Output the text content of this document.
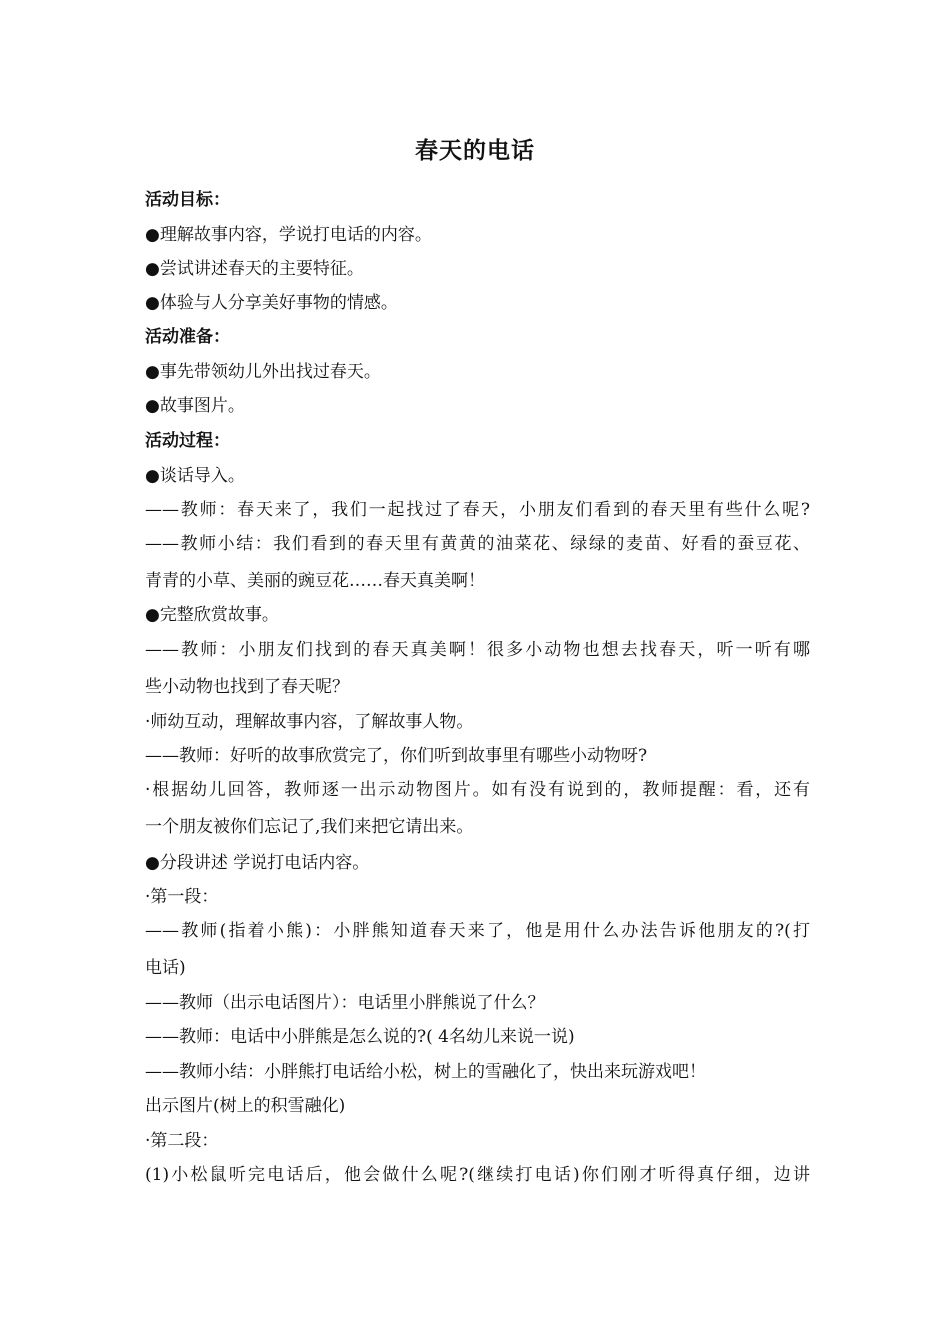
春天的电话
活动目标：
●理解故事内容，学说打电话的内容。
●尝试讲述春天的主要特征。
●体验与人分享美好事物的情感。
活动准备：
●事先带领幼儿外出找过春天。
●故事图片。
活动过程：
●谈话导入。
——教师：春天来了，我们一起找过了春天，小朋友们看到的春天里有些什么呢?
——教师小结：我们看到的春天里有黄黄的油菜花、绿绿的麦苗、好看的蚕豆花、
青青的小草、美丽的豌豆花……春天真美啊！
●完整欣赏故事。
——教师：小朋友们找到的春天真美啊！很多小动物也想去找春天，听一听有哪
些小动物也找到了春天呢？
·师幼互动，理解故事内容，了解故事人物。
——教师：好听的故事欣赏完了，你们听到故事里有哪些小动物呀?
·根据幼儿回答，教师逐一出示动物图片。如有没有说到的，教师提醒：看，还有
一个朋友被你们忘记了,我们来把它请出来。
●分段讲述 学说打电话内容。
·第一段：
——教师(指着小熊)：小胖熊知道春天来了，他是用什么办法告诉他朋友的?(打
电话)
——教师（出示电话图片）：电话里小胖熊说了什么？
——教师：电话中小胖熊是怎么说的?( 4名幼儿来说一说)
——教师小结：小胖熊打电话给小松，树上的雪融化了，快出来玩游戏吧！
出示图片(树上的积雪融化)
·第二段：
(1)小松鼠听完电话后，他会做什么呢?(继续打电话)你们刚才听得真仔细，边讲
